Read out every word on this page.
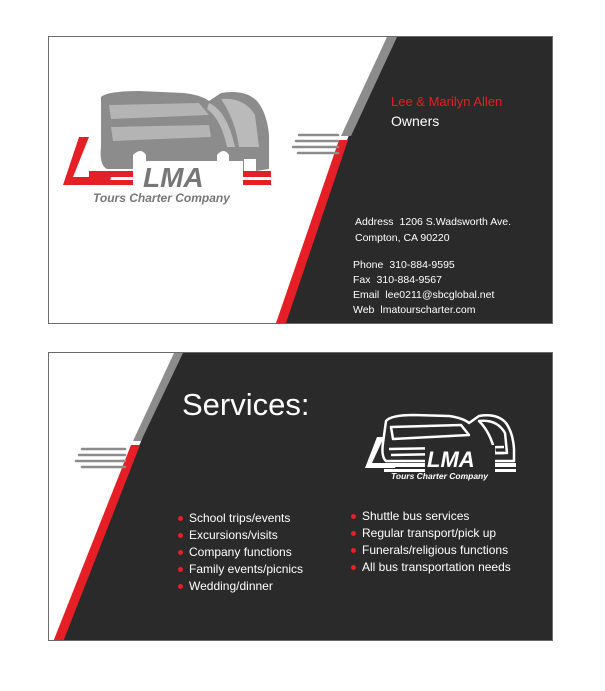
LMA
Tours Charter Company
Lee & Marilyn Allen
Owners
Address 1206 S.Wadsworth Ave.
Compton, CA 90220
Phone 310-884-9595
Fax 310-884-9567
Email lee0211@sbcglobal.net
Web lmatourscharter.com
LMA
Tours Charter Company
Services:
School trips/events
Excursions/visits
Company functions
Family events/picnics
Wedding/dinner
Shuttle bus services
Regular transport/pick up
Funerals/religious functions
All bus transportation needs
